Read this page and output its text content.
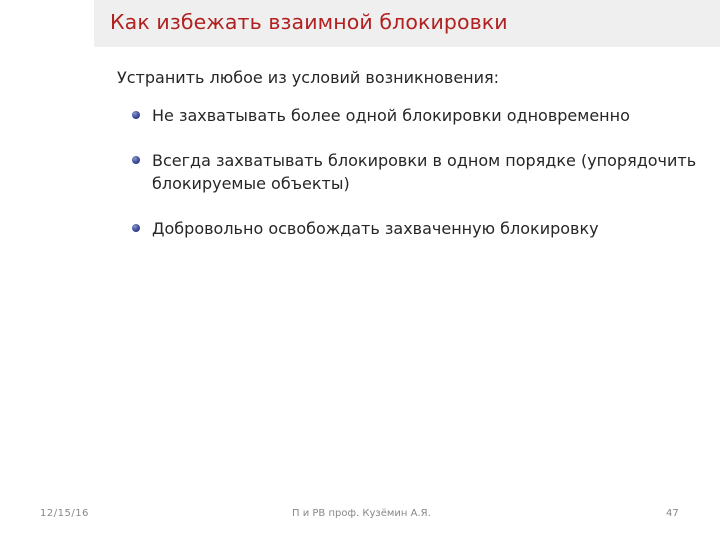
Как избежать взаимной блокировки
Устранить любое из условий возникновения:
Не захватывать более одной блокировки одновременно
Всегда захватывать блокировки в одном порядке (упорядочить блокируемые объекты)
Добровольно освобождать захваченную блокировку
12/15/16	П и РВ проф. Кузёмин А.Я.	47
